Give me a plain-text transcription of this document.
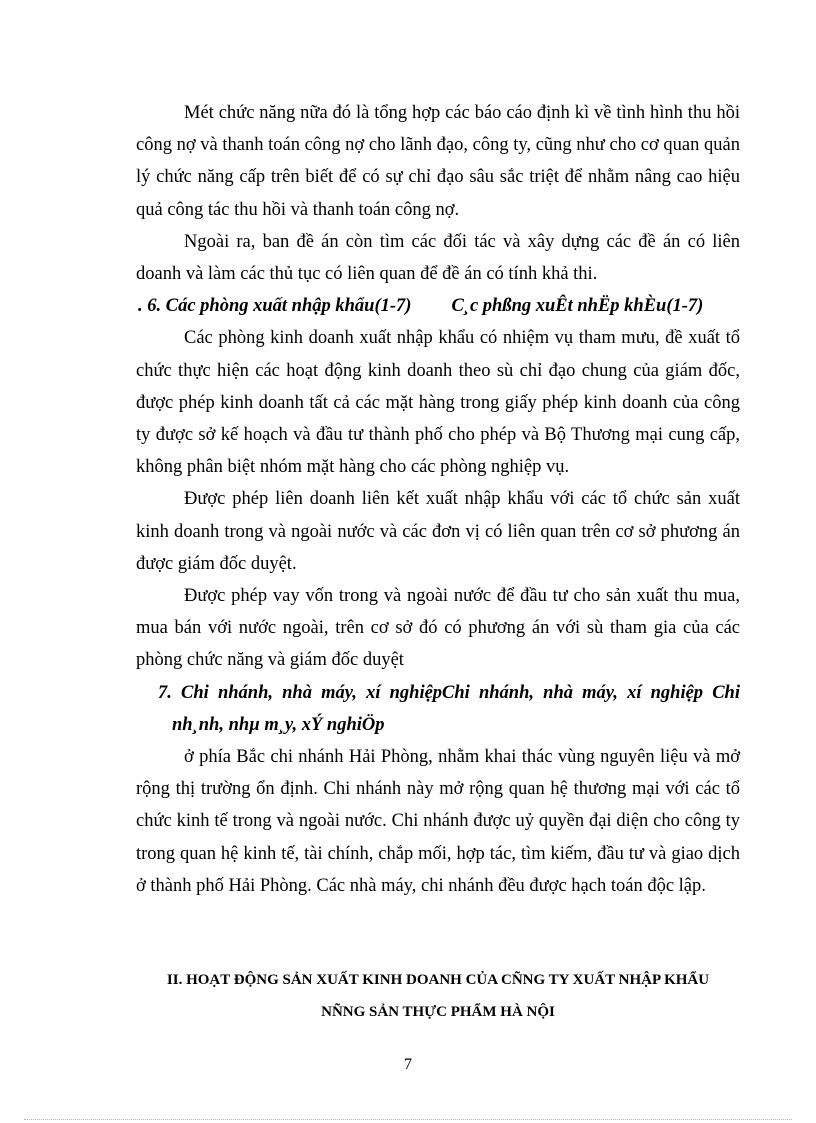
Mét chức năng nữa đó là tổng hợp các báo cáo định kì về tình hình thu hồi công nợ và thanh toán công nợ cho lãnh đạo, công ty, cũng như cho cơ quan quản lý chức năng cấp trên biết để có sự chỉ đạo sâu sắc triệt để nhằm nâng cao hiệu quả công tác thu hồi và thanh toán công nợ.

Ngoài ra, ban đề án còn tìm các đối tác và xây dựng các đề án có liên doanh và làm các thủ tục có liên quan để đề án có tính khả thi.

. 6. Các phòng xuất nhập khẩu(1-7) C¸c phßng xuÊt nhËp khÈu(1-7)

Các phòng kinh doanh xuất nhập khẩu có nhiệm vụ tham mưu, đề xuất tổ chức thực hiện các hoạt động kinh doanh theo sù chỉ đạo chung của giám đốc, được phép kinh doanh tất cả các mặt hàng trong giấy phép kinh doanh của công ty được sở kế hoạch và đầu tư thành phố cho phép và Bộ Thương mại cung cấp, không phân biệt nhóm mặt hàng cho các phòng nghiệp vụ.

Được phép liên doanh liên kết xuất nhập khẩu với các tổ chức sản xuất kinh doanh trong và ngoài nước và các đơn vị có liên quan trên cơ sở phương án được giám đốc duyệt.

Được phép vay vốn trong và ngoài nước để đầu tư cho sản xuất thu mua, mua bán với nước ngoài, trên cơ sở đó có phương án với sù tham gia của các phòng chức năng và giám đốc duyệt

7. Chi nhánh, nhà máy, xí nghiệpChi nhánh, nhà máy, xí nghiệp Chi nh¸nh, nhµ m¸y, xÝ nghiÖp

ở phía Bắc chi nhánh Hải Phòng, nhằm khai thác vùng nguyên liệu và mở rộng thị trường ổn định. Chi nhánh này mở rộng quan hệ thương mại với các tổ chức kinh tế trong và ngoài nước. Chi nhánh được uỷ quyền đại diện cho công ty trong quan hệ kinh tế, tài chính, chắp mối, hợp tác, tìm kiếm, đầu tư và giao dịch ở thành phố Hải Phòng. Các nhà máy, chi nhánh đều được hạch toán độc lập.

II. HOẠT ĐỘNG SẢN XUẤT KINH DOANH CỦA CÑNG TY XUẤT NHẬP KHẨU

NÑNG SẢN THỰC PHẨM HÀ NỘI

7
